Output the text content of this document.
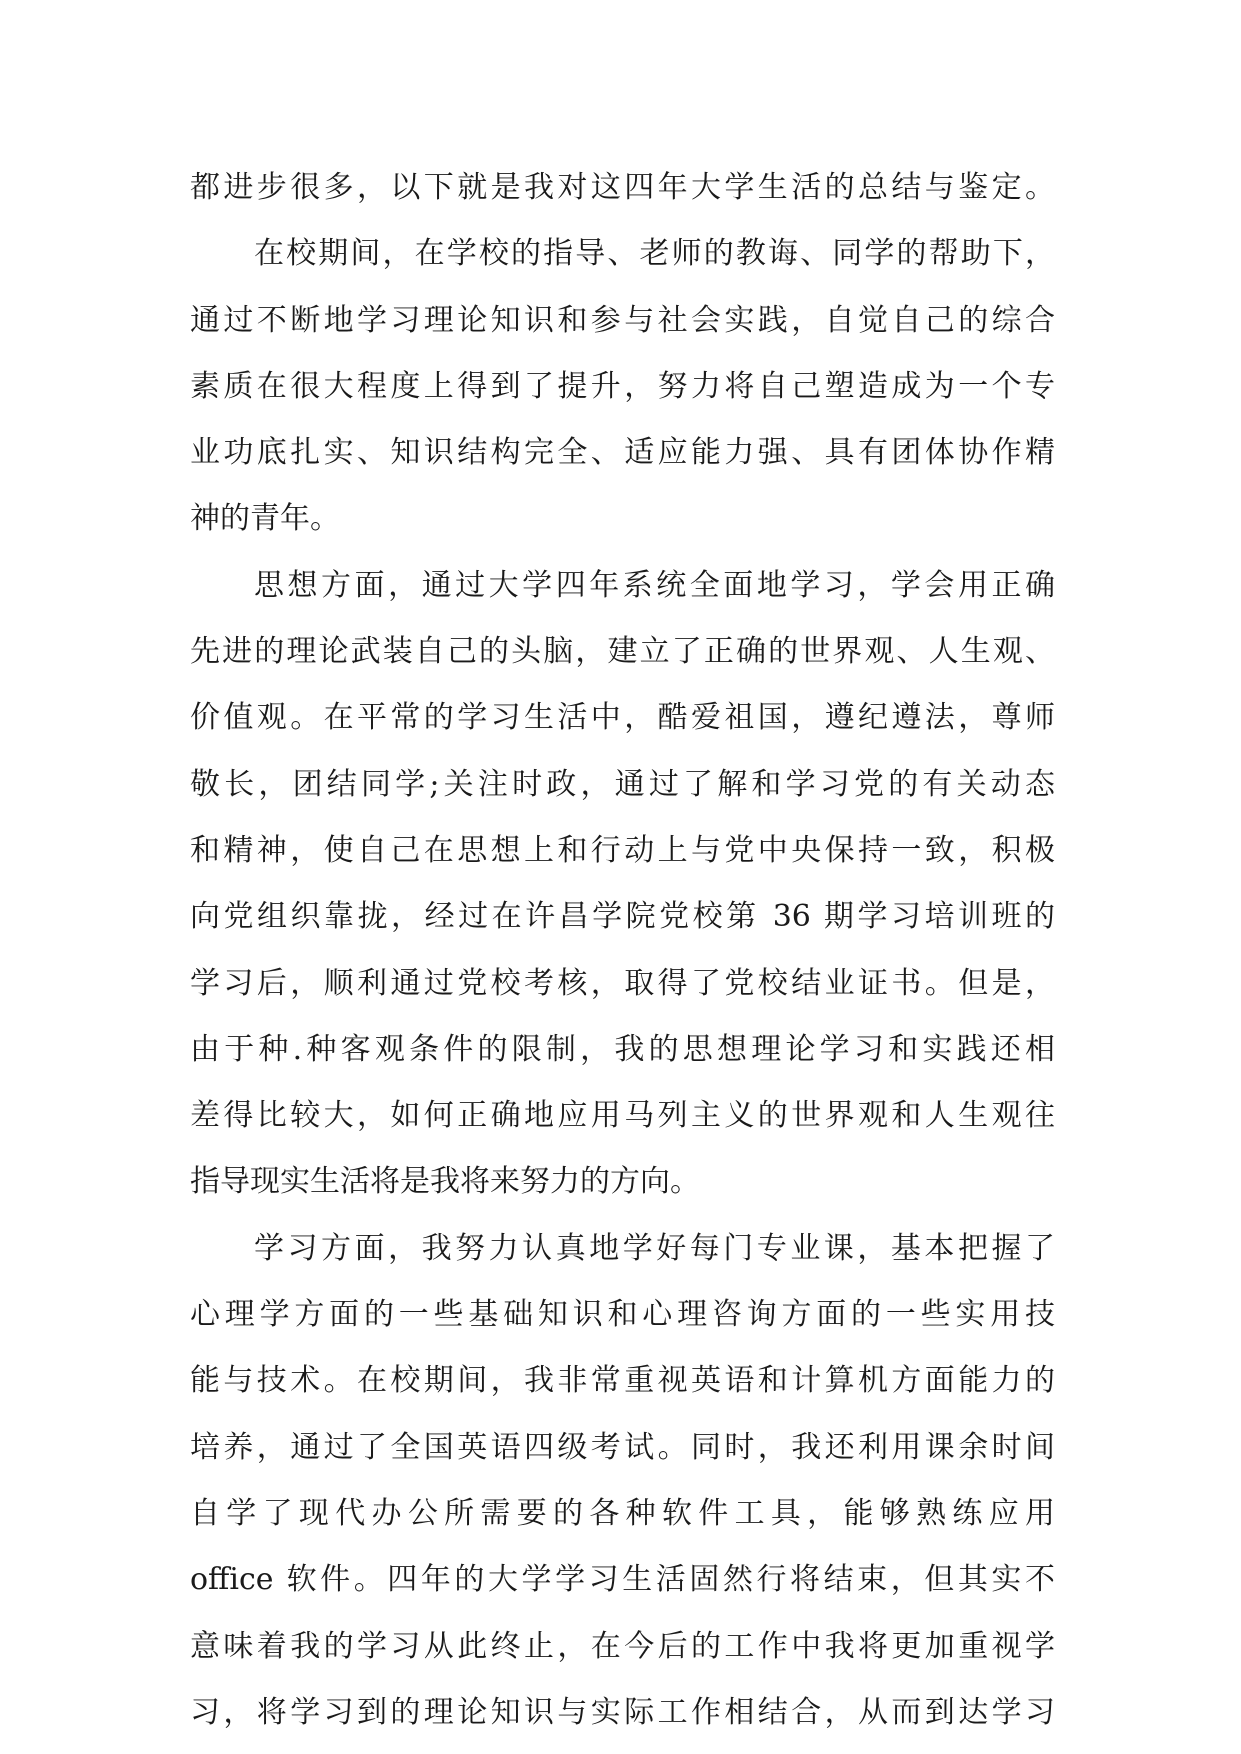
都进步很多，以下就是我对这四年大学生活的总结与鉴定。
在校期间，在学校的指导、老师的教诲、同学的帮助下，
通过不断地学习理论知识和参与社会实践，自觉自己的综合
素质在很大程度上得到了提升，努力将自己塑造成为一个专
业功底扎实、知识结构完全、适应能力强、具有团体协作精
神的青年。
思想方面，通过大学四年系统全面地学习，学会用正确
先进的理论武装自己的头脑，建立了正确的世界观、人生观、
价值观。在平常的学习生活中，酷爱祖国，遵纪遵法，尊师
敬长，团结同学;关注时政，通过了解和学习党的有关动态
和精神，使自己在思想上和行动上与党中央保持一致，积极
向党组织靠拢，经过在许昌学院党校第 36 期学习培训班的
学习后，顺利通过党校考核，取得了党校结业证书。但是，
由于种.种客观条件的限制，我的思想理论学习和实践还相
差得比较大，如何正确地应用马列主义的世界观和人生观往
指导现实生活将是我将来努力的方向。
学习方面，我努力认真地学好每门专业课，基本把握了
心理学方面的一些基础知识和心理咨询方面的一些实用技
能与技术。在校期间，我非常重视英语和计算机方面能力的
培养，通过了全国英语四级考试。同时，我还利用课余时间
自学了现代办公所需要的各种软件工具，能够熟练应用
office 软件。四年的大学学习生活固然行将结束，但其实不
意味着我的学习从此终止，在今后的工作中我将更加重视学
习，将学习到的理论知识与实际工作相结合，从而到达学习
